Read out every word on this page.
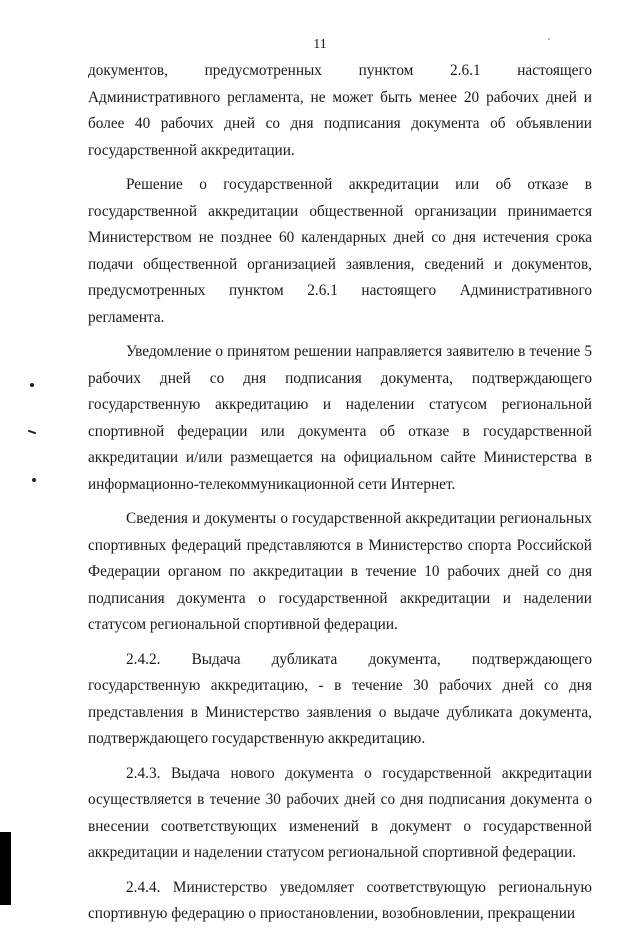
11

документов, предусмотренных пунктом 2.6.1 настоящего Административного регламента, не может быть менее 20 рабочих дней и более 40 рабочих дней со дня подписания документа об объявлении государственной аккредитации.

Решение о государственной аккредитации или об отказе в государственной аккредитации общественной организации принимается Министерством не позднее 60 календарных дней со дня истечения срока подачи общественной организацией заявления, сведений и документов, предусмотренных пунктом 2.6.1 настоящего Административного регламента.

Уведомление о принятом решении направляется заявителю в течение 5 рабочих дней со дня подписания документа, подтверждающего государственную аккредитацию и наделении статусом региональной спортивной федерации или документа об отказе в государственной аккредитации и/или размещается на официальном сайте Министерства в информационно-телекоммуникационной сети Интернет.

Сведения и документы о государственной аккредитации региональных спортивных федераций представляются в Министерство спорта Российской Федерации органом по аккредитации в течение 10 рабочих дней со дня подписания документа о государственной аккредитации и наделении статусом региональной спортивной федерации.

2.4.2. Выдача дубликата документа, подтверждающего государственную аккредитацию, - в течение 30 рабочих дней со дня представления в Министерство заявления о выдаче дубликата документа, подтверждающего государственную аккредитацию.

2.4.3. Выдача нового документа о государственной аккредитации осуществляется в течение 30 рабочих дней со дня подписания документа о внесении соответствующих изменений в документ о государственной аккредитации и наделении статусом региональной спортивной федерации.

2.4.4. Министерство уведомляет соответствующую региональную спортивную федерацию о приостановлении, возобновлении, прекращении
